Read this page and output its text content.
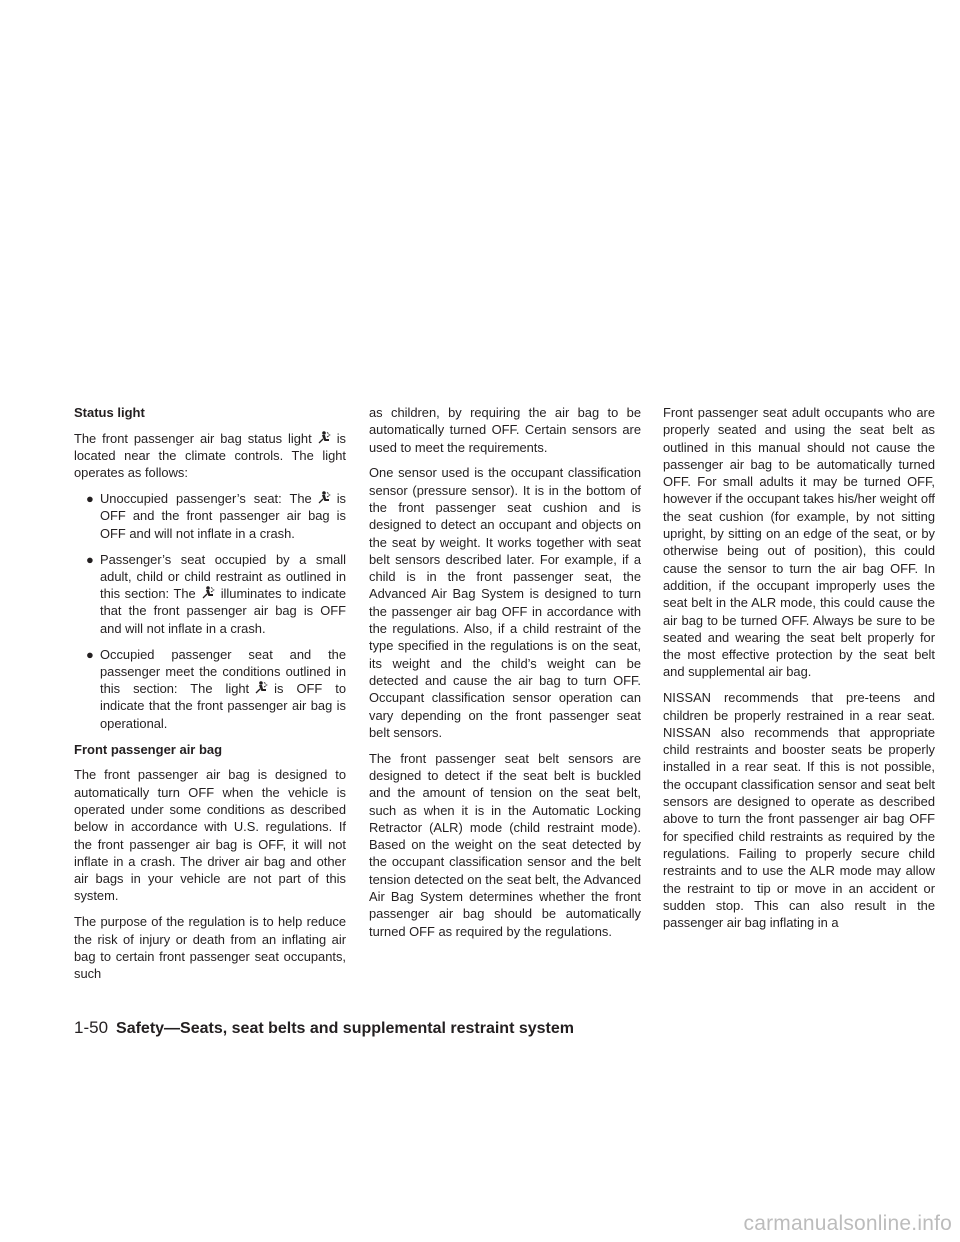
Status light

The front passenger air bag status light is located near the climate controls. The light operates as follows:

● Unoccupied passenger’s seat: The is OFF and the front passenger air bag is OFF and will not inflate in a crash.
● Passenger’s seat occupied by a small adult, child or child restraint as outlined in this section: The illuminates to indicate that the front passenger air bag is OFF and will not inflate in a crash.
● Occupied passenger seat and the passenger meet the conditions outlined in this section: The light is OFF to indicate that the front passenger air bag is operational.
Front passenger air bag

The front passenger air bag is designed to automatically turn OFF when the vehicle is operated under some conditions as described below in accordance with U.S. regulations. If the front passenger air bag is OFF, it will not inflate in a crash. The driver air bag and other air bags in your vehicle are not part of this system.

The purpose of the regulation is to help reduce the risk of injury or death from an inflating air bag to certain front passenger seat occupants, such

as children, by requiring the air bag to be automatically turned OFF. Certain sensors are used to meet the requirements.

One sensor used is the occupant classification sensor (pressure sensor). It is in the bottom of the front passenger seat cushion and is designed to detect an occupant and objects on the seat by weight. It works together with seat belt sensors described later. For example, if a child is in the front passenger seat, the Advanced Air Bag System is designed to turn the passenger air bag OFF in accordance with the regulations. Also, if a child restraint of the type specified in the regulations is on the seat, its weight and the child’s weight can be detected and cause the air bag to turn OFF. Occupant classification sensor operation can vary depending on the front passenger seat belt sensors.

The front passenger seat belt sensors are designed to detect if the seat belt is buckled and the amount of tension on the seat belt, such as when it is in the Automatic Locking Retractor (ALR) mode (child restraint mode). Based on the weight on the seat detected by the occupant classification sensor and the belt tension detected on the seat belt, the Advanced Air Bag System determines whether the front passenger air bag should be automatically turned OFF as required by the regulations.

Front passenger seat adult occupants who are properly seated and using the seat belt as outlined in this manual should not cause the passenger air bag to be automatically turned OFF. For small adults it may be turned OFF, however if the occupant takes his/her weight off the seat cushion (for example, by not sitting upright, by sitting on an edge of the seat, or by otherwise being out of position), this could cause the sensor to turn the air bag OFF. In addition, if the occupant improperly uses the seat belt in the ALR mode, this could cause the air bag to be turned OFF. Always be sure to be seated and wearing the seat belt properly for the most effective protection by the seat belt and supplemental air bag.

NISSAN recommends that pre-teens and children be properly restrained in a rear seat. NISSAN also recommends that appropriate child restraints and booster seats be properly installed in a rear seat. If this is not possible, the occupant classification sensor and seat belt sensors are designed to operate as described above to turn the front passenger air bag OFF for specified child restraints as required by the regulations. Failing to properly secure child restraints and to use the ALR mode may allow the restraint to tip or move in an accident or sudden stop. This can also result in the passenger air bag inflating in a

1-50 Safety—Seats, seat belts and supplemental restraint system
carmanualsonline.info
